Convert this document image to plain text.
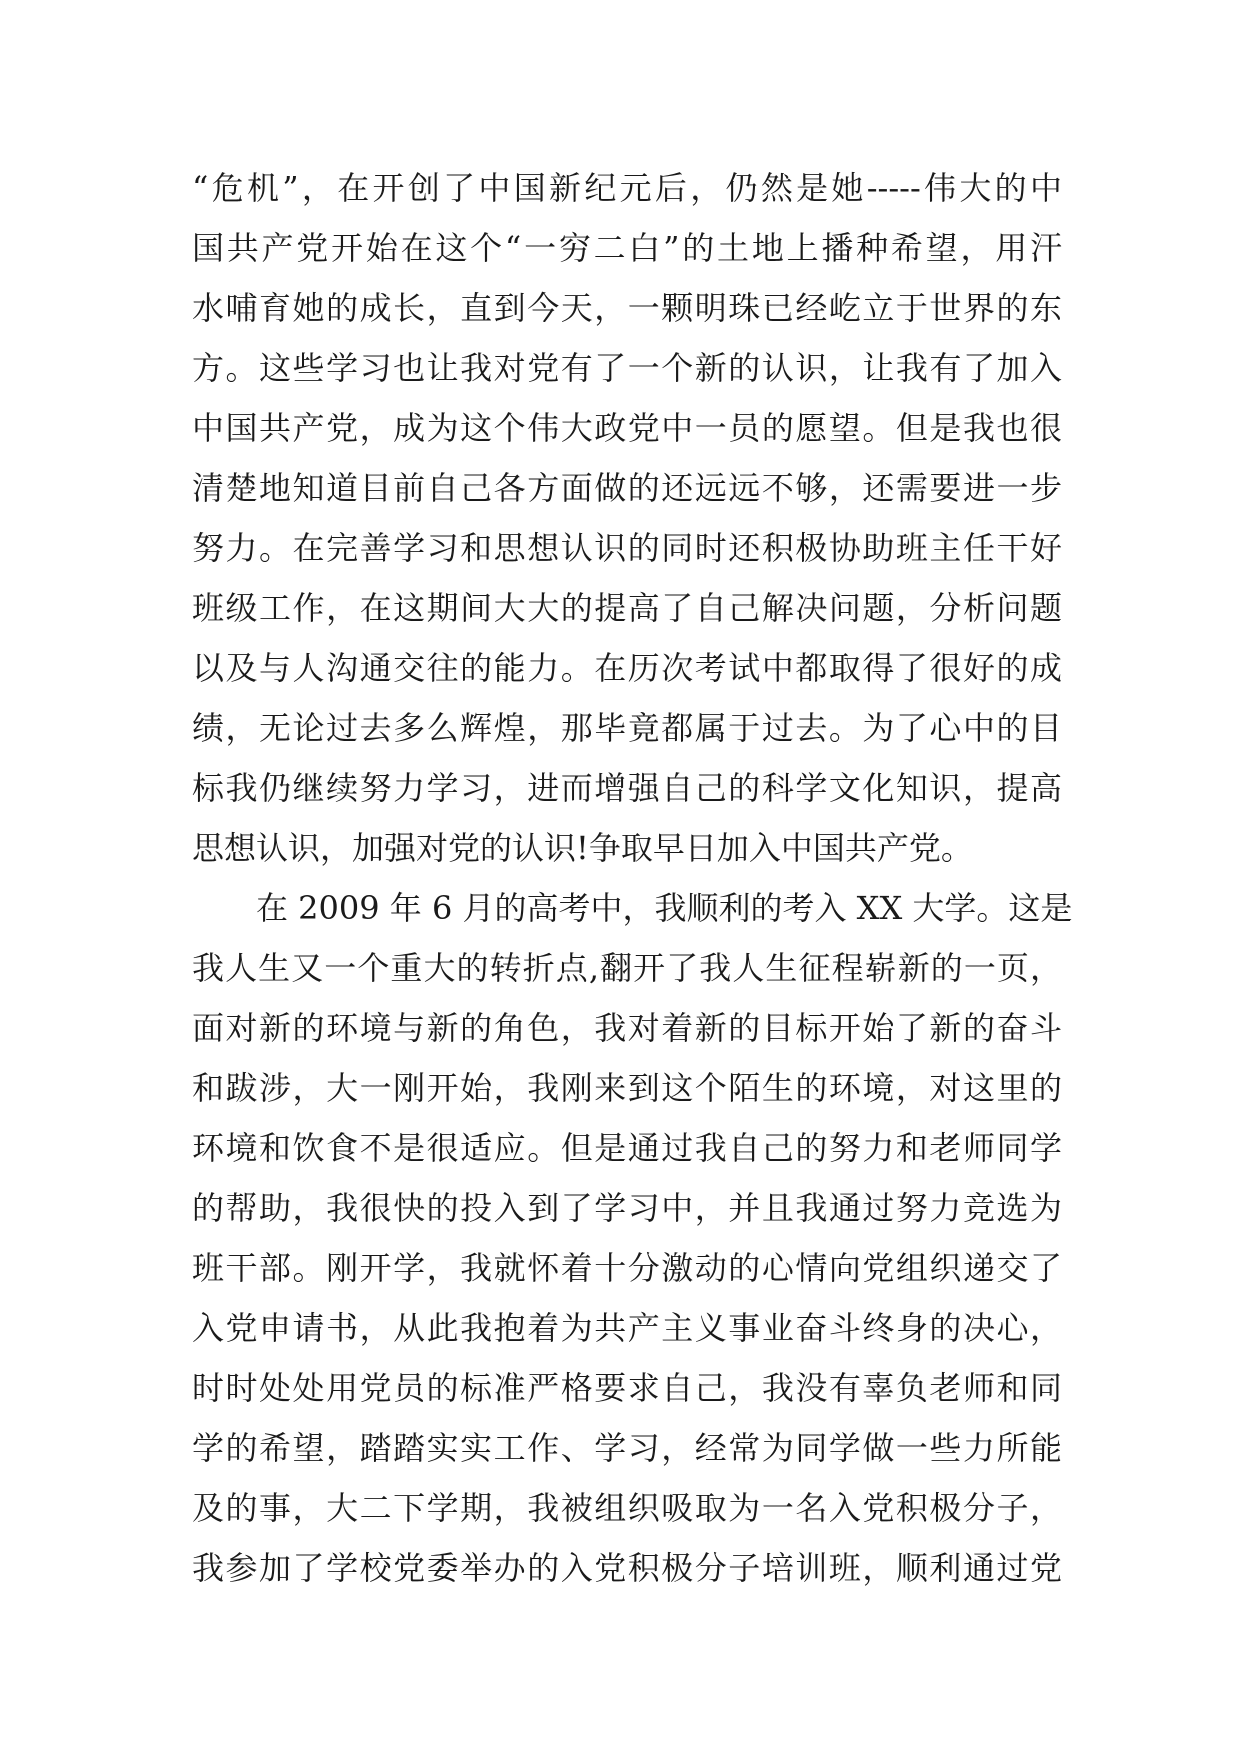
“危机”，在开创了中国新纪元后，仍然是她-----伟大的中
国共产党开始在这个“一穷二白”的土地上播种希望，用汗
水哺育她的成长，直到今天，一颗明珠已经屹立于世界的东
方。这些学习也让我对党有了一个新的认识，让我有了加入
中国共产党，成为这个伟大政党中一员的愿望。但是我也很
清楚地知道目前自己各方面做的还远远不够，还需要进一步
努力。在完善学习和思想认识的同时还积极协助班主任干好
班级工作，在这期间大大的提高了自己解决问题，分析问题
以及与人沟通交往的能力。在历次考试中都取得了很好的成
绩，无论过去多么辉煌，那毕竟都属于过去。为了心中的目
标我仍继续努力学习，进而增强自己的科学文化知识，提高
思想认识，加强对党的认识!争取早日加入中国共产党。
　　在 2009 年 6 月的高考中，我顺利的考入 XX 大学。这是
我人生又一个重大的转折点,翻开了我人生征程崭新的一页，
面对新的环境与新的角色，我对着新的目标开始了新的奋斗
和跋涉，大一刚开始，我刚来到这个陌生的环境，对这里的
环境和饮食不是很适应。但是通过我自己的努力和老师同学
的帮助，我很快的投入到了学习中，并且我通过努力竞选为
班干部。刚开学，我就怀着十分激动的心情向党组织递交了
入党申请书，从此我抱着为共产主义事业奋斗终身的决心，
时时处处用党员的标准严格要求自己，我没有辜负老师和同
学的希望，踏踏实实工作、学习，经常为同学做一些力所能
及的事，大二下学期，我被组织吸取为一名入党积极分子，
我参加了学校党委举办的入党积极分子培训班，顺利通过党
